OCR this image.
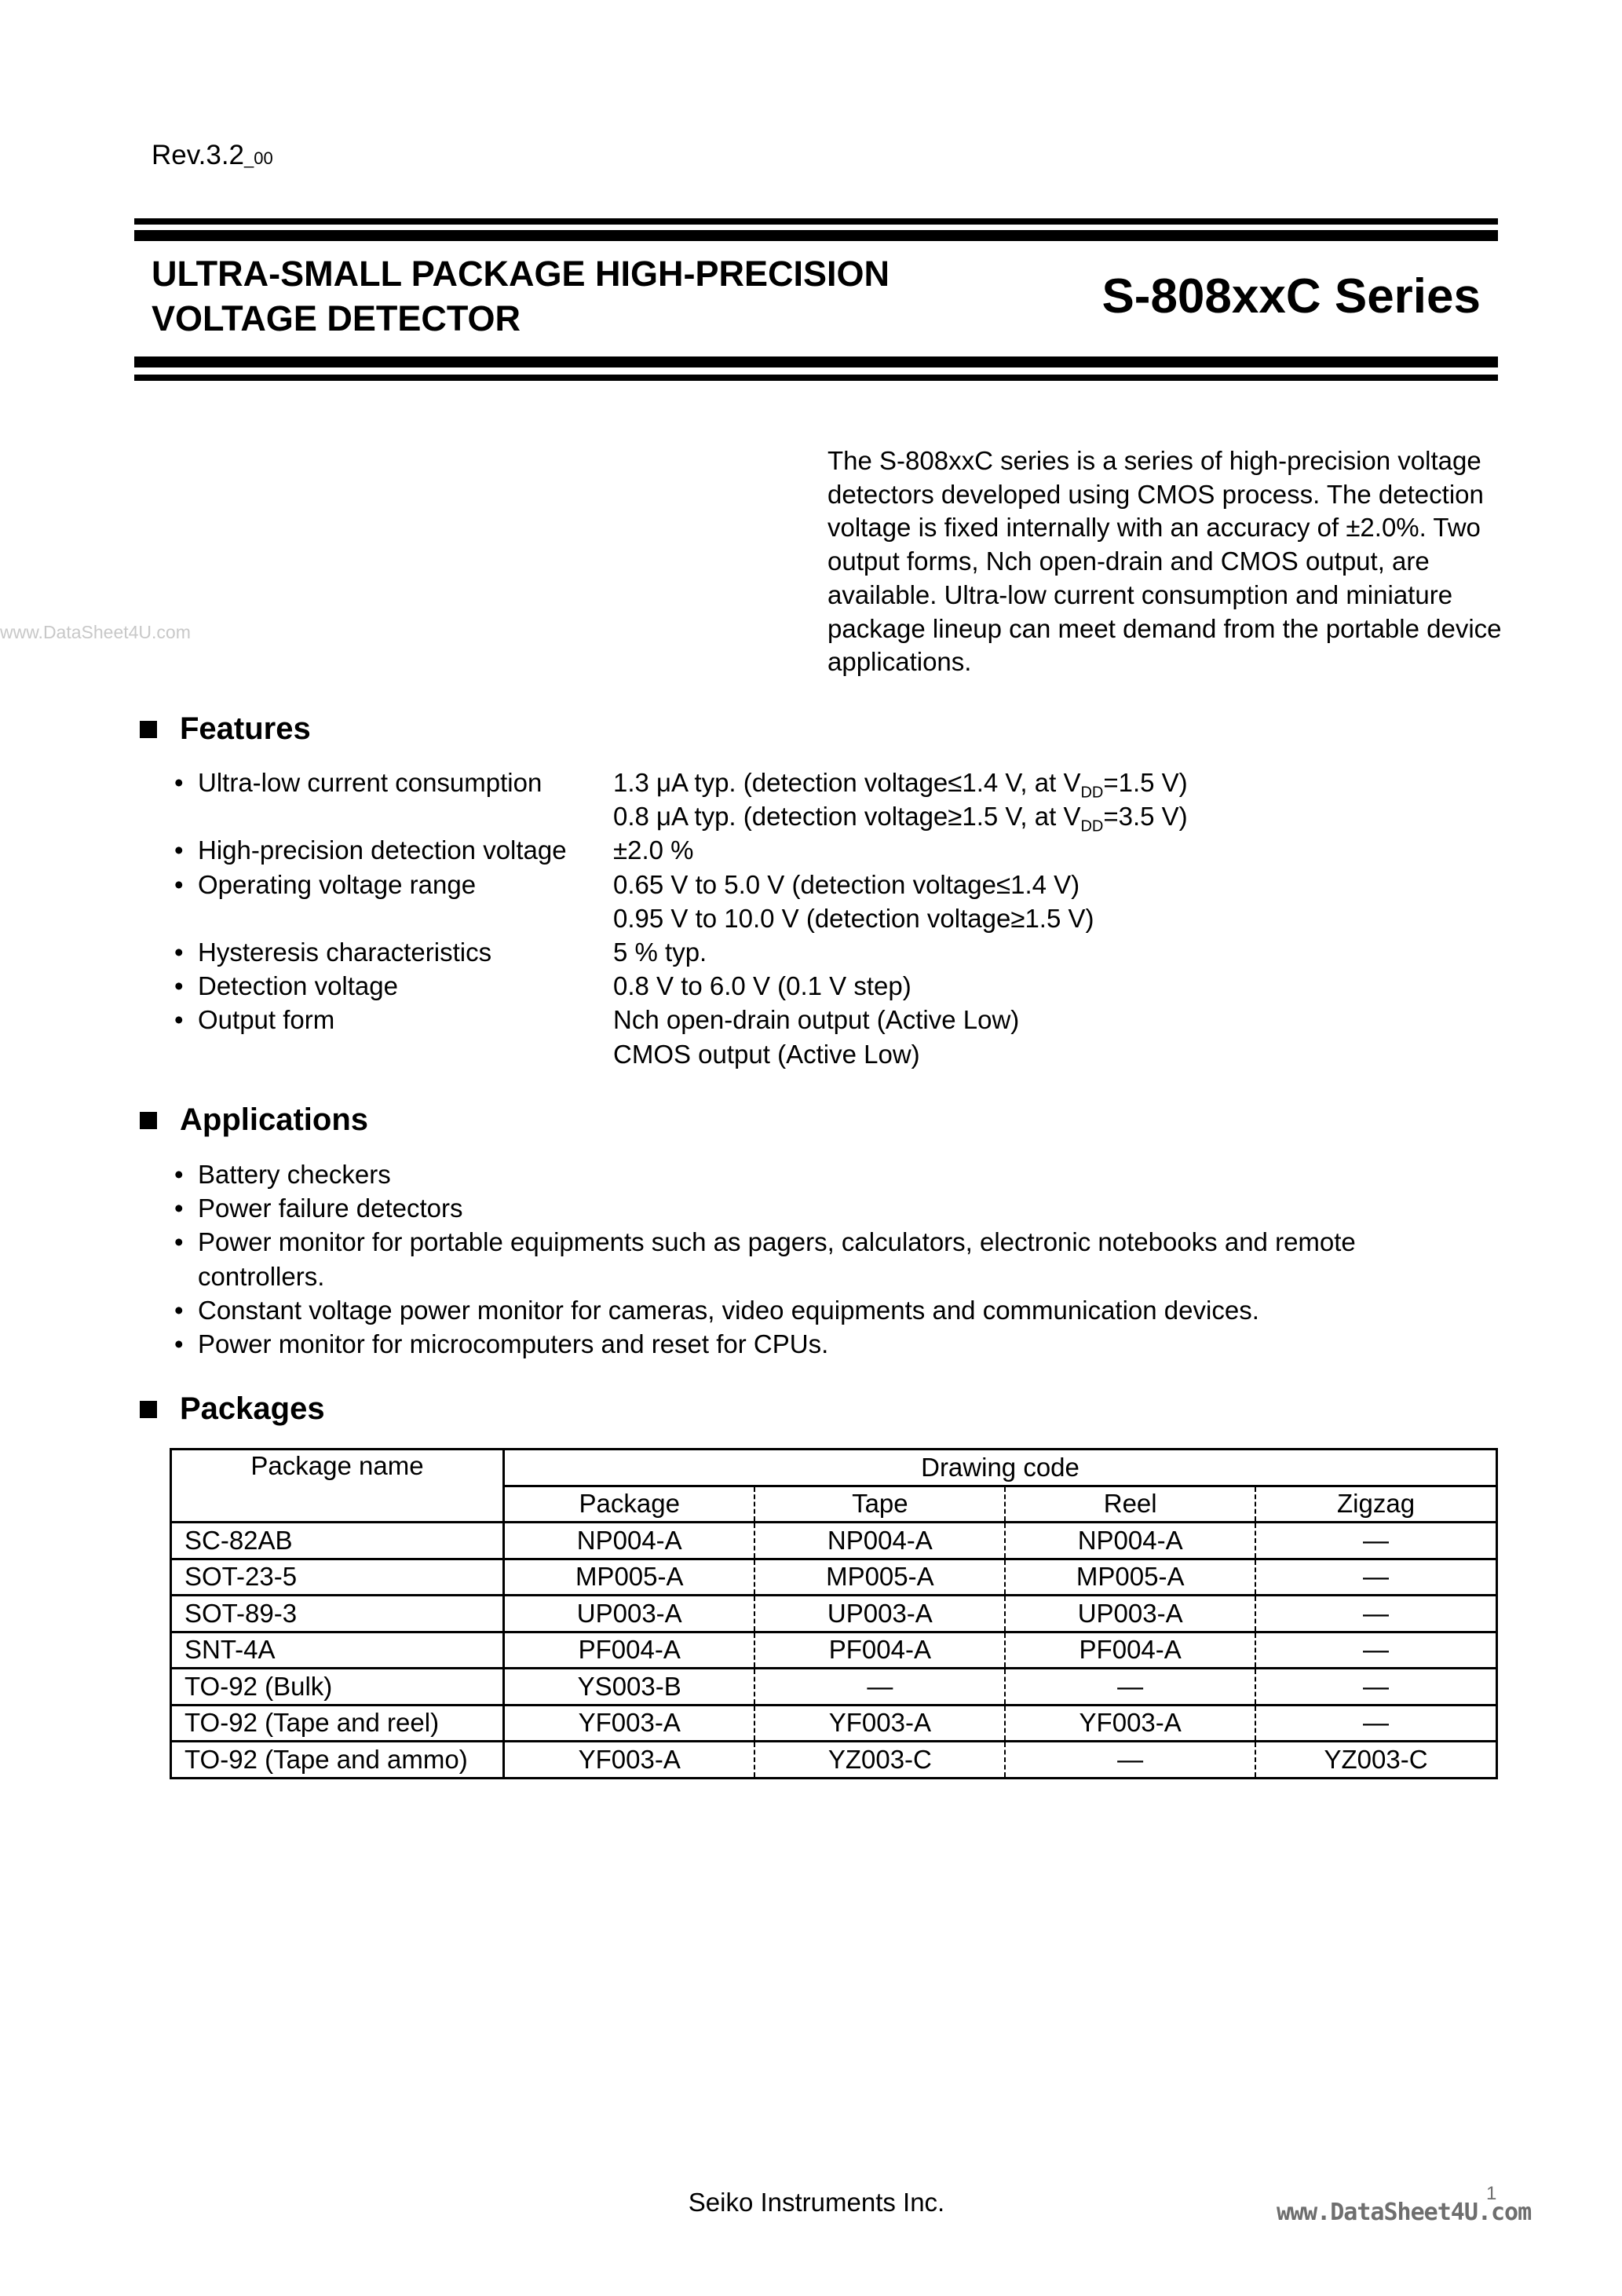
Rev.3.2_00
ULTRA-SMALL PACKAGE HIGH-PRECISION
VOLTAGE DETECTOR	S-808xxC Series
The S-808xxC series is a series of high-precision voltage detectors developed using CMOS process. The detection voltage is fixed internally with an accuracy of ±2.0%. Two output forms, Nch open-drain and CMOS output, are available. Ultra-low current consumption and miniature package lineup can meet demand from the portable device applications.
www.DataSheet4U.com
Features
• Ultra-low current consumption	1.3 μA typ. (detection voltage≤1.4 V, at $V_{DD}=1.5$ V)
0.8 μA typ. (detection voltage≥1.5 V, at $V_{DD}=3.5$ V)
• High-precision detection voltage	±2.0 %
• Operating voltage range	0.65 V to 5.0 V (detection voltage≤1.4 V)
0.95 V to 10.0 V (detection voltage≥1.5 V)
• Hysteresis characteristics	5 % typ.
• Detection voltage	0.8 V to 6.0 V (0.1 V step)
• Output form	Nch open-drain output (Active Low)
CMOS output (Active Low)
Applications
• Battery checkers
• Power failure detectors
• Power monitor for portable equipments such as pagers, calculators, electronic notebooks and remote controllers.
• Constant voltage power monitor for cameras, video equipments and communication devices.
• Power monitor for microcomputers and reset for CPUs.
Packages
Package name	Drawing code			
	Package	Tape	Reel	Zigzag
SC-82AB	NP004-A	NP004-A	NP004-A	—
SOT-23-5	MP005-A	MP005-A	MP005-A	—
SOT-89-3	UP003-A	UP003-A	UP003-A	—
SNT-4A	PF004-A	PF004-A	PF004-A	—
TO-92 (Bulk)	YS003-B	—	—	—
TO-92 (Tape and reel)	YF003-A	YF003-A	YF003-A	—
TO-92 (Tape and ammo)	YF003-A	YZ003-C	—	YZ003-C
Seiko Instruments Inc.	www.DataSheet4U.com
1
